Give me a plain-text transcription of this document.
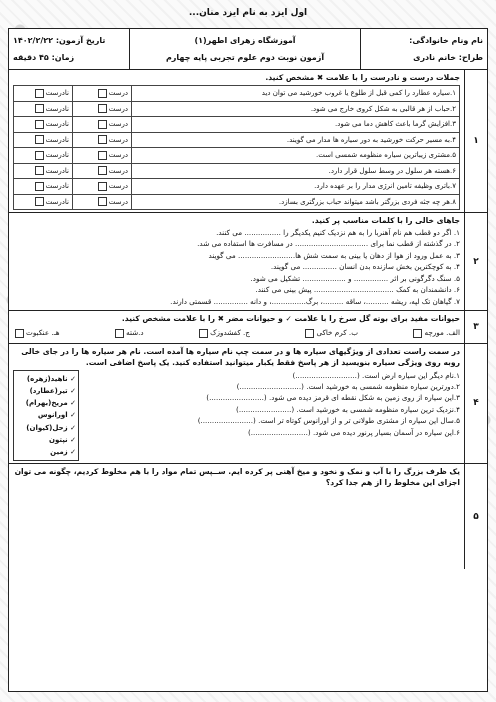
اول ایزد به نام ایزد منان...
نام ونام خانوادگی:
طراح: خانم نادری
آموزشگاه زهرای اطهر(۱)
آزمون نوبت دوم علوم تجربی پایه چهارم
تاریخ آزمون: ۱۴۰۲/۲/۲۲
زمان: ۴۵ دقیقه
۱
جملات درست و نادرست را با علامت ✖ مشخص کنید.
۱.سیاره عطارد را کمی قبل از طلوع یا غروب خورشید می توان دید	درست	نادرست
۲.حباب از هر قالبی به شکل کروی خارج می شود.	درست	نادرست
۳.افزایش گرما باعث کاهش دما می شود.	درست	نادرست
۴.به مسیر حرکت خورشید به دور سیاره ها مدار می گویند.	درست	نادرست
۵.مشتری زیباترین سیاره منظومه شمسی است.	درست	نادرست
۶.هسته هر سلول در وسط سلول قرار دارد.	درست	نادرست
۷.باتری وظیفه تامین انرژی مدار را بر عهده دارد.	درست	نادرست
۸.هر چه جثه فردی بزرگتر باشد میتواند حباب بزرگتری بسازد.	درست	نادرست
۲
جاهای خالی را با کلمات مناسب پر کنید.
۱. اگر دو قطب هم نام آهنربا را به هم نزدیک کنیم یکدیگر را ................ می کنند.
۲. در گذشته از قطب نما برای ................................ در مسافرت ها استفاده می شد.
۳. به عمل ورود از هوا از دهان یا بینی به سمت شش ها......................... می گویند
۴. به کوچکترین بخش سازنده بدن انسان ............... می گویند.
۵. سنگ دگرگونی بر اثر ............... و ................... تشکیل می شود.
۶. دانشمندان به کمک ................................... پیش بینی می کنند.
۷. گیاهان تک لپه، ریشه ..........، ساقه .........، برگ...............، و دانه ............... قسمتی دارند.
۳
حیوانات مفید برای بوته گل سرخ را با علامت ✓ و حیوانات مضر ✖ را با علامت مشخص کنید.
الف. مورچه
ب. کرم خاکی
ج. کفشدوزک
د.شته
هـ. عنکبوت
۴
در سمت راست تعدادی از ویژگیهای سیاره ها و در سمت چپ نام سیاره ها آمده است. نام هر سیاره ها را در جای خالی روبه روی ویژگی سیاره بنویسید از هر پاسخ فقط یکبار میتوانید استفاده کنید. یک پاسخ اضافی است.
۱.نام دیگر این سیاره ارض است. (...........................)
۲.دورترین سیاره منظومه شمسی به خورشید است. (...........................)
۳.این سیاره از روی زمین به شکل نقطه ای قرمز دیده می شود. (........................)
۴.نزدیک ترین سیاره منظومه شمسی به خورشید است. (.......................)
۵.سال این سیاره از مشتری طولانی تر و از اورانوس کوتاه تر است. (.......................)
۶.این سیاره در آسمان بسیار پرنور دیده می شود. (.........................)
✓ ناهید(زهره)
✓ تیر(عطارد)
✓ مریخ(بهرام)
✓ اورانوس
✓ زحل(کیوان)
✓ نپتون
✓ زمین
۵
یک ظرف بزرگ را با آب و نمک و نخود و میخ آهنی پر کرده ایم. ســپس تمام مواد را با هم مخلوط کردیم، چگونه می توان اجزای این مخلوط را از هم جدا کرد؟
